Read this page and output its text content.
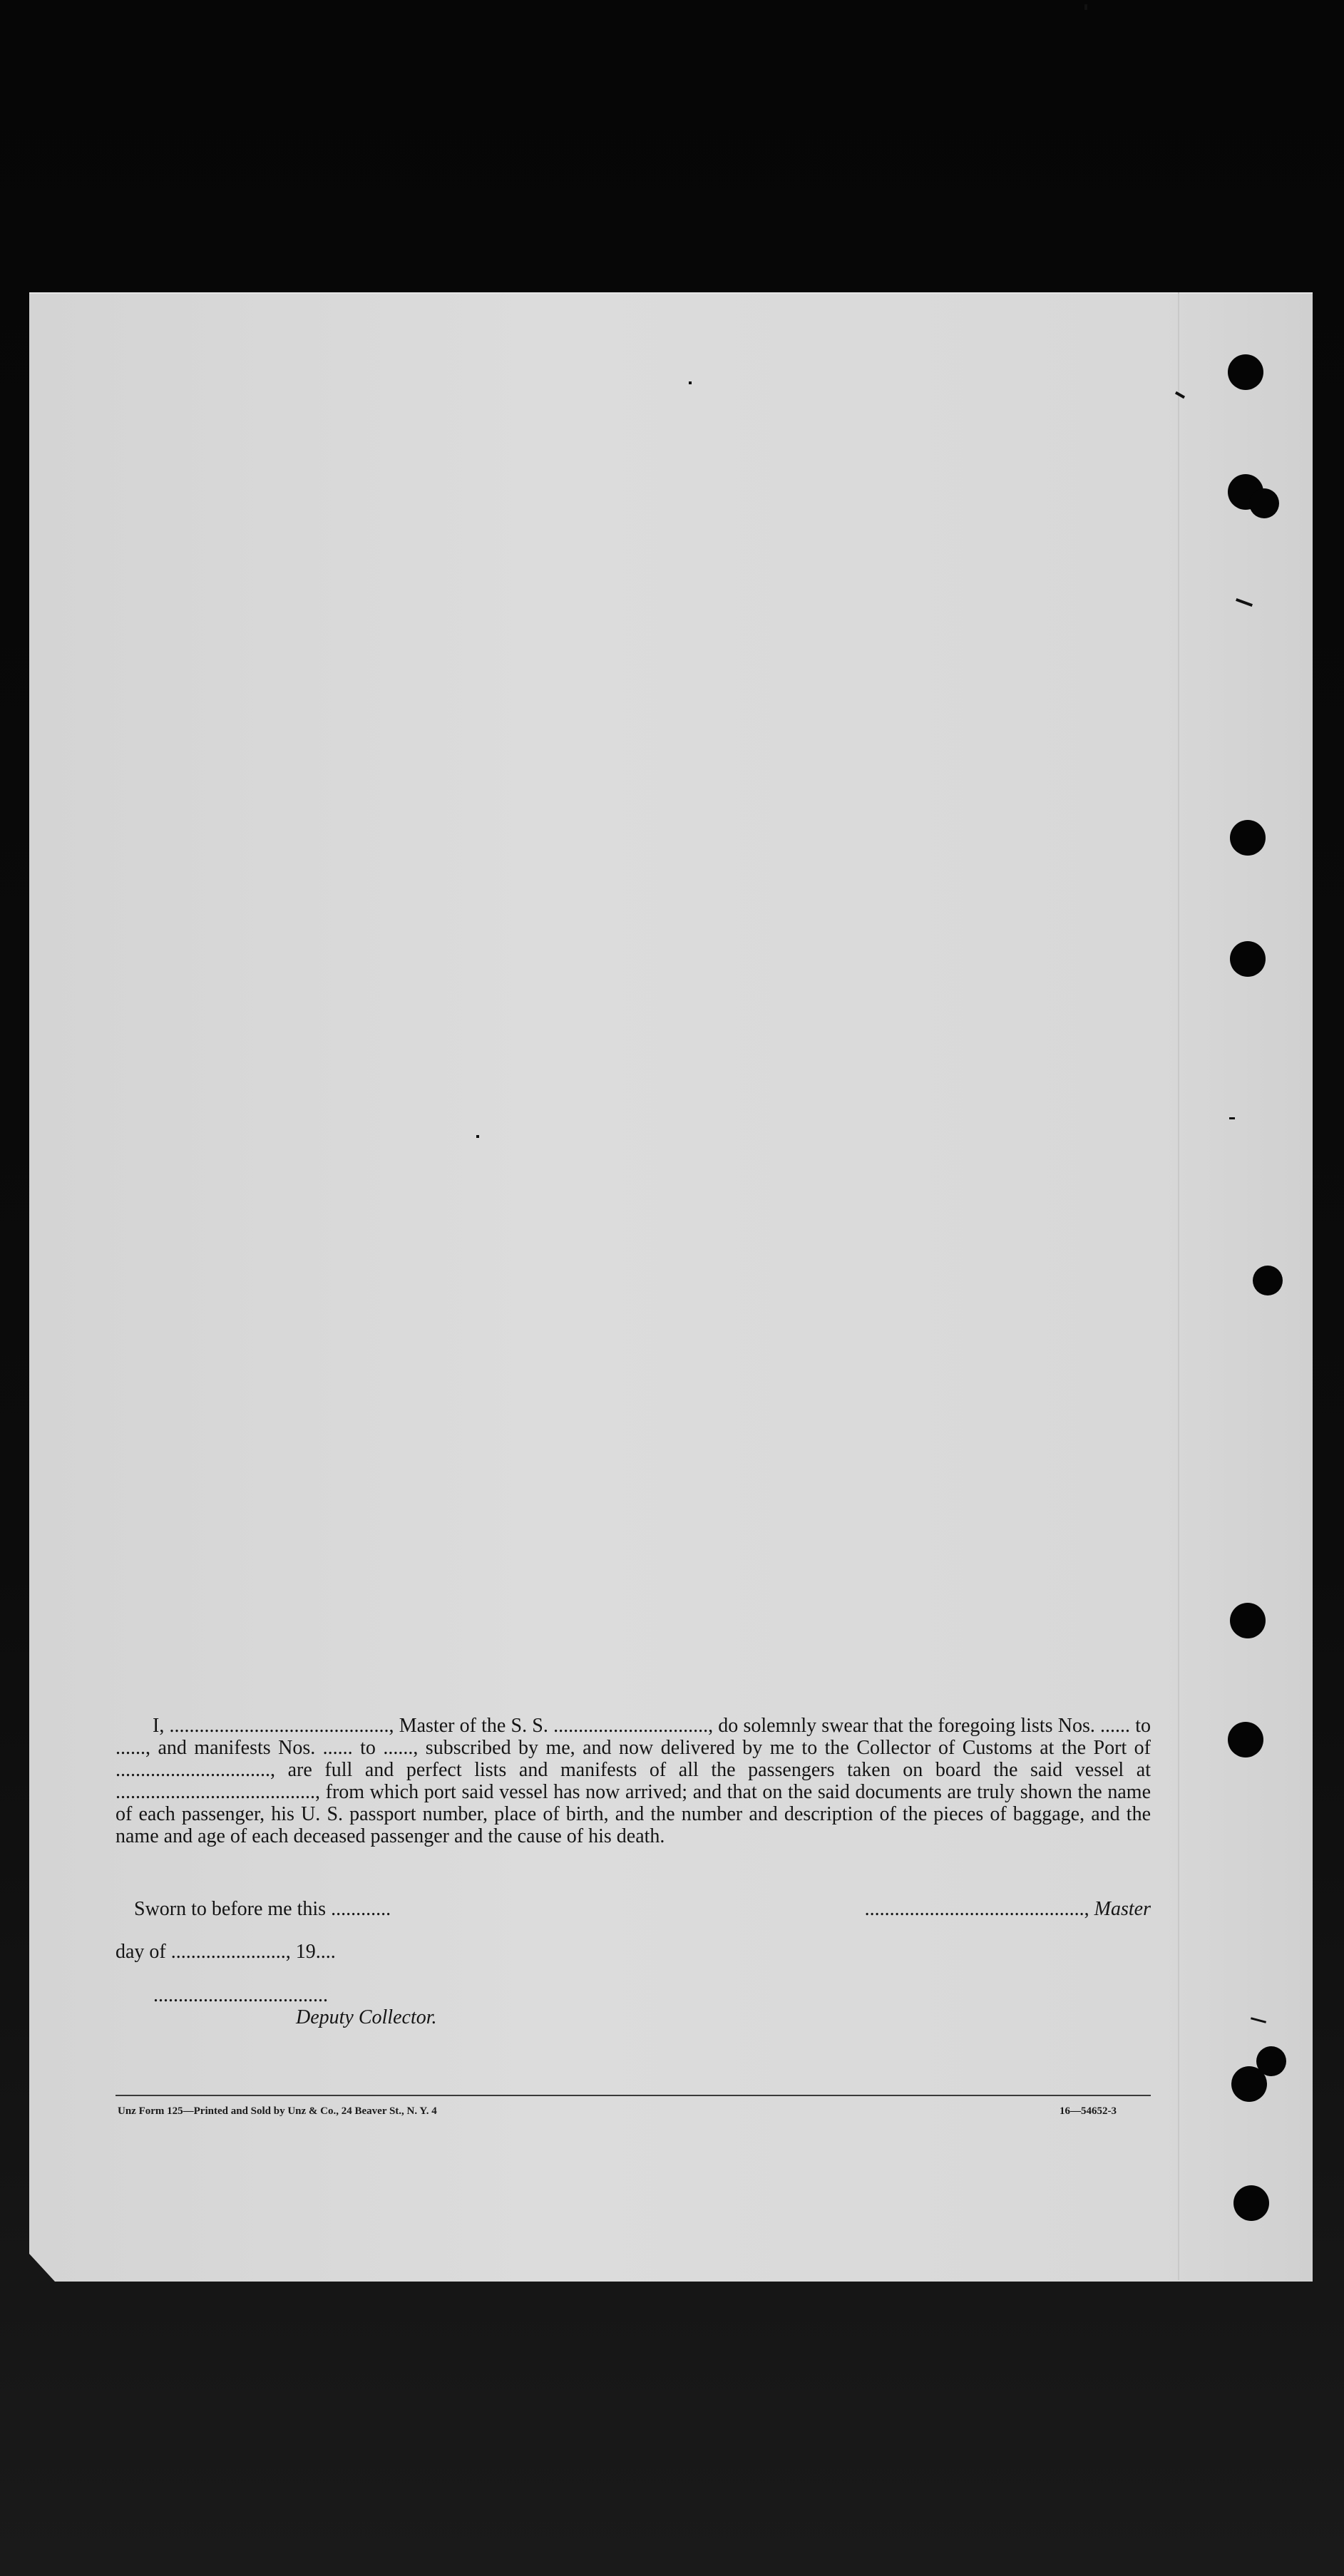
I, ............................................, Master of the S. S. ..............................., do solemnly swear that the foregoing lists Nos. ...... to ......, and manifests Nos. ...... to ......, subscribed by me, and now delivered by me to the Collector of Customs at the Port of ..............................., are full and perfect lists and manifests of all the passengers taken on board the said vessel at ........................................, from which port said vessel has now arrived; and that on the said documents are truly shown the name of each passenger, his U. S. passport number, place of birth, and the number and description of the pieces of baggage, and the name and age of each deceased passenger and the cause of his death.

Sworn to before me this ............	............................................, Master
day of ......................., 19....
...................................
Deputy Collector.
Unz Form 125—Printed and Sold by Unz & Co., 24 Beaver St., N. Y. 4	16—54652-3
